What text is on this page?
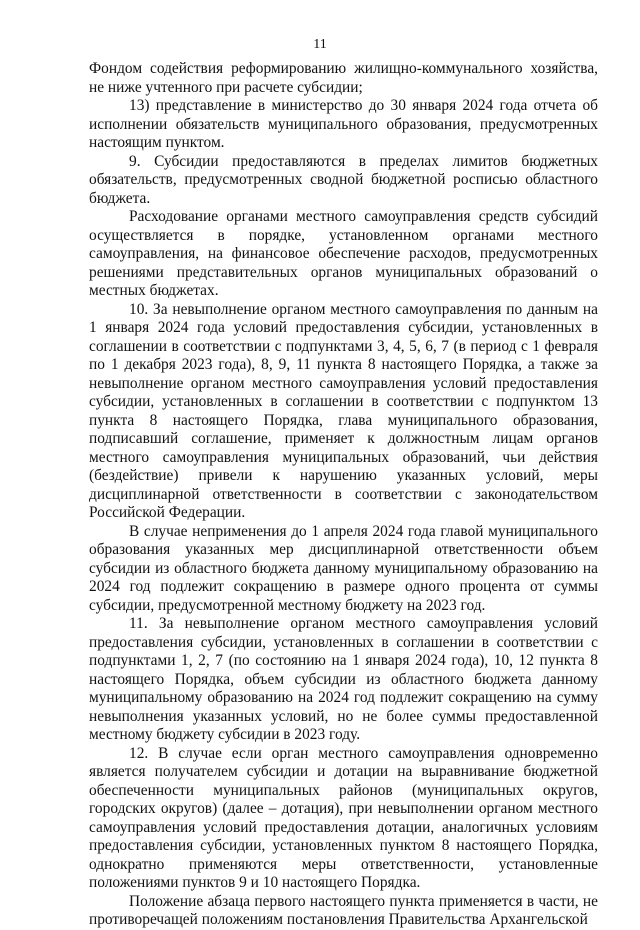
11

Фондом содействия реформированию жилищно-коммунального хозяйства, не ниже учтенного при расчете субсидии;

13) представление в министерство до 30 января 2024 года отчета об исполнении обязательств муниципального образования, предусмотренных настоящим пунктом.

9. Субсидии предоставляются в пределах лимитов бюджетных обязательств, предусмотренных сводной бюджетной росписью областного бюджета.

Расходование органами местного самоуправления средств субсидий осуществляется в порядке, установленном органами местного самоуправления, на финансовое обеспечение расходов, предусмотренных решениями представительных органов муниципальных образований о местных бюджетах.

10. За невыполнение органом местного самоуправления по данным на 1 января 2024 года условий предоставления субсидии, установленных в соглашении в соответствии с подпунктами 3, 4, 5, 6, 7 (в период с 1 февраля по 1 декабря 2023 года), 8, 9, 11 пункта 8 настоящего Порядка, а также за невыполнение органом местного самоуправления условий предоставления субсидии, установленных в соглашении в соответствии с подпунктом 13 пункта 8 настоящего Порядка, глава муниципального образования, подписавший соглашение, применяет к должностным лицам органов местного самоуправления муниципальных образований, чьи действия (бездействие) привели к нарушению указанных условий, меры дисциплинарной ответственности в соответствии с законодательством Российской Федерации.

В случае неприменения до 1 апреля 2024 года главой муниципального образования указанных мер дисциплинарной ответственности объем субсидии из областного бюджета данному муниципальному образованию на 2024 год подлежит сокращению в размере одного процента от суммы субсидии, предусмотренной местному бюджету на 2023 год.

11. За невыполнение органом местного самоуправления условий предоставления субсидии, установленных в соглашении в соответствии с подпунктами 1, 2, 7 (по состоянию на 1 января 2024 года), 10, 12 пункта 8 настоящего Порядка, объем субсидии из областного бюджета данному муниципальному образованию на 2024 год подлежит сокращению на сумму невыполнения указанных условий, но не более суммы предоставленной местному бюджету субсидии в 2023 году.

12. В случае если орган местного самоуправления одновременно является получателем субсидии и дотации на выравнивание бюджетной обеспеченности муниципальных районов (муниципальных округов, городских округов) (далее – дотация), при невыполнении органом местного самоуправления условий предоставления дотации, аналогичных условиям предоставления субсидии, установленных пунктом 8 настоящего Порядка, однократно применяются меры ответственности, установленные положениями пунктов 9 и 10 настоящего Порядка.

Положение абзаца первого настоящего пункта применяется в части, не противоречащей положениям постановления Правительства Архангельской
